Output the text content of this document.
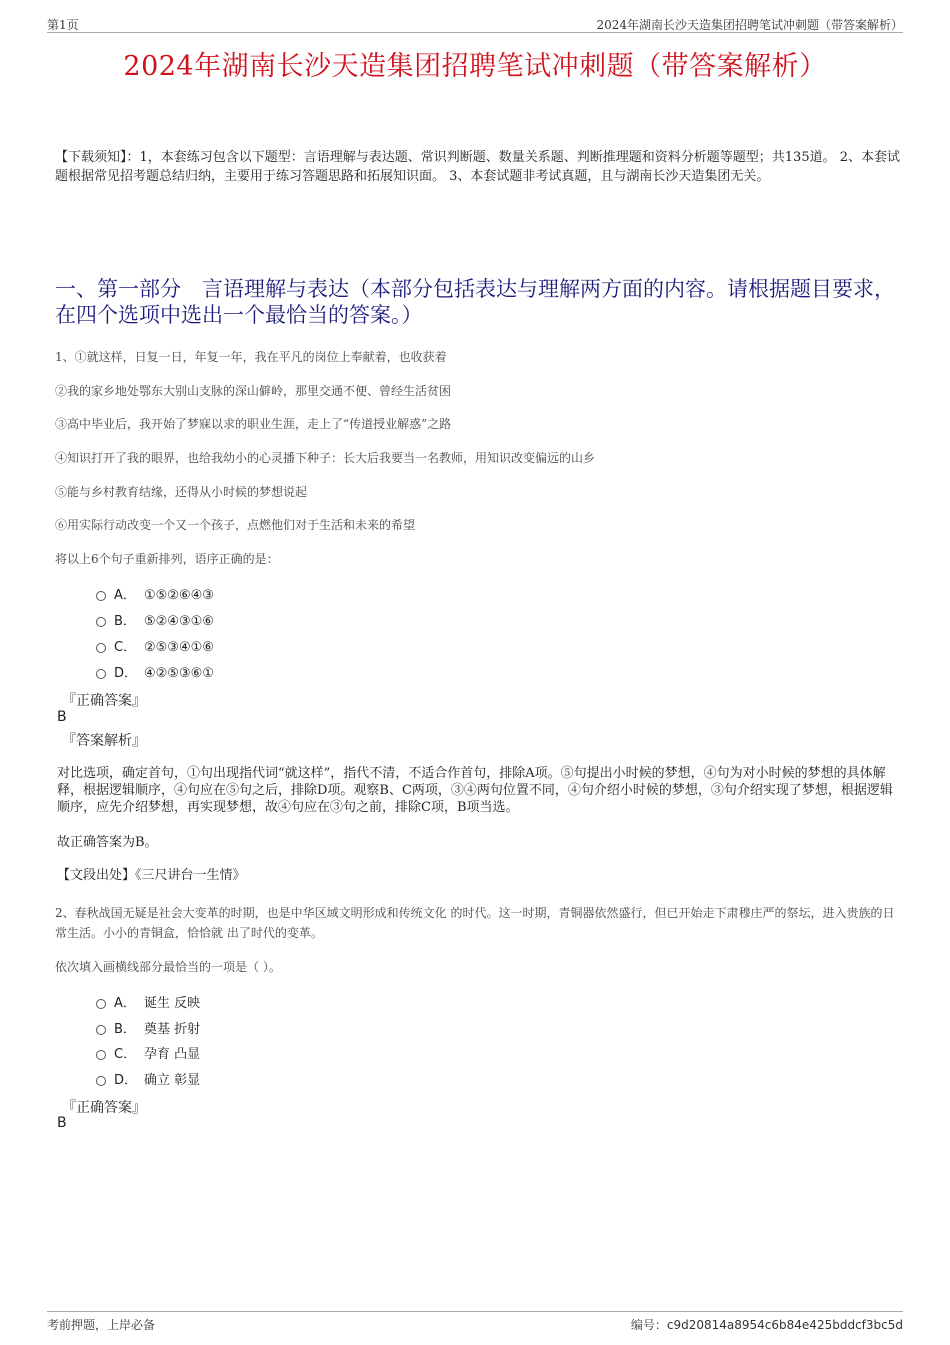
第1页	2024年湖南长沙天造集团招聘笔试冲刺题（带答案解析）
2024年湖南长沙天造集团招聘笔试冲刺题（带答案解析）
【下载须知】：1，本套练习包含以下题型：言语理解与表达题、常识判断题、数量关系题、判断推理题和资料分析题等题型；共135道。 2、本套试题根据常见招考题总结归纳，主要用于练习答题思路和拓展知识面。 3、本套试题非考试真题，且与湖南长沙天造集团无关。
一、第一部分　言语理解与表达（本部分包括表达与理解两方面的内容。请根据题目要求，在四个选项中选出一个最恰当的答案。）
1、①就这样，日复一日，年复一年，我在平凡的岗位上奉献着，也收获着
②我的家乡地处鄂东大别山支脉的深山僻岭，那里交通不便、曾经生活贫困
③高中毕业后，我开始了梦寐以求的职业生涯，走上了“传道授业解惑”之路
④知识打开了我的眼界，也给我幼小的心灵播下种子：长大后我要当一名教师，用知识改变偏远的山乡
⑤能与乡村教育结缘，还得从小时候的梦想说起
⑥用实际行动改变一个又一个孩子，点燃他们对于生活和未来的希望
将以上6个句子重新排列，语序正确的是：
A． ①⑤②⑥④③
B． ⑤②④③①⑥
C． ②⑤③④①⑥
D． ④②⑤③⑥①
『正确答案』
B
『答案解析』
对比选项，确定首句，①句出现指代词“就这样”，指代不清，不适合作首句，排除A项。⑤句提出小时候的梦想，④句为对小时候的梦想的具体解释，根据逻辑顺序，④句应在⑤句之后，排除D项。观察B、C两项，③④两句位置不同，④句介绍小时候的梦想，③句介绍实现了梦想，根据逻辑顺序，应先介绍梦想，再实现梦想，故④句应在③句之前，排除C项，B项当选。
故正确答案为B。
【文段出处】《三尺讲台一生情》
2、春秋战国无疑是社会大变革的时期，也是中华区域文明形成和传统文化 的时代。这一时期，青铜器依然盛行，但已开始走下肃穆庄严的祭坛，进入贵族的日常生活。小小的青铜盒，恰恰就 出了时代的变革。
依次填入画横线部分最恰当的一项是（ ）。
A． 诞生 反映
B． 奠基 折射
C． 孕育 凸显
D． 确立 彰显
『正确答案』
B
考前押题，上岸必备	编号：c9d20814a8954c6b84e425bddcf3bc5d
